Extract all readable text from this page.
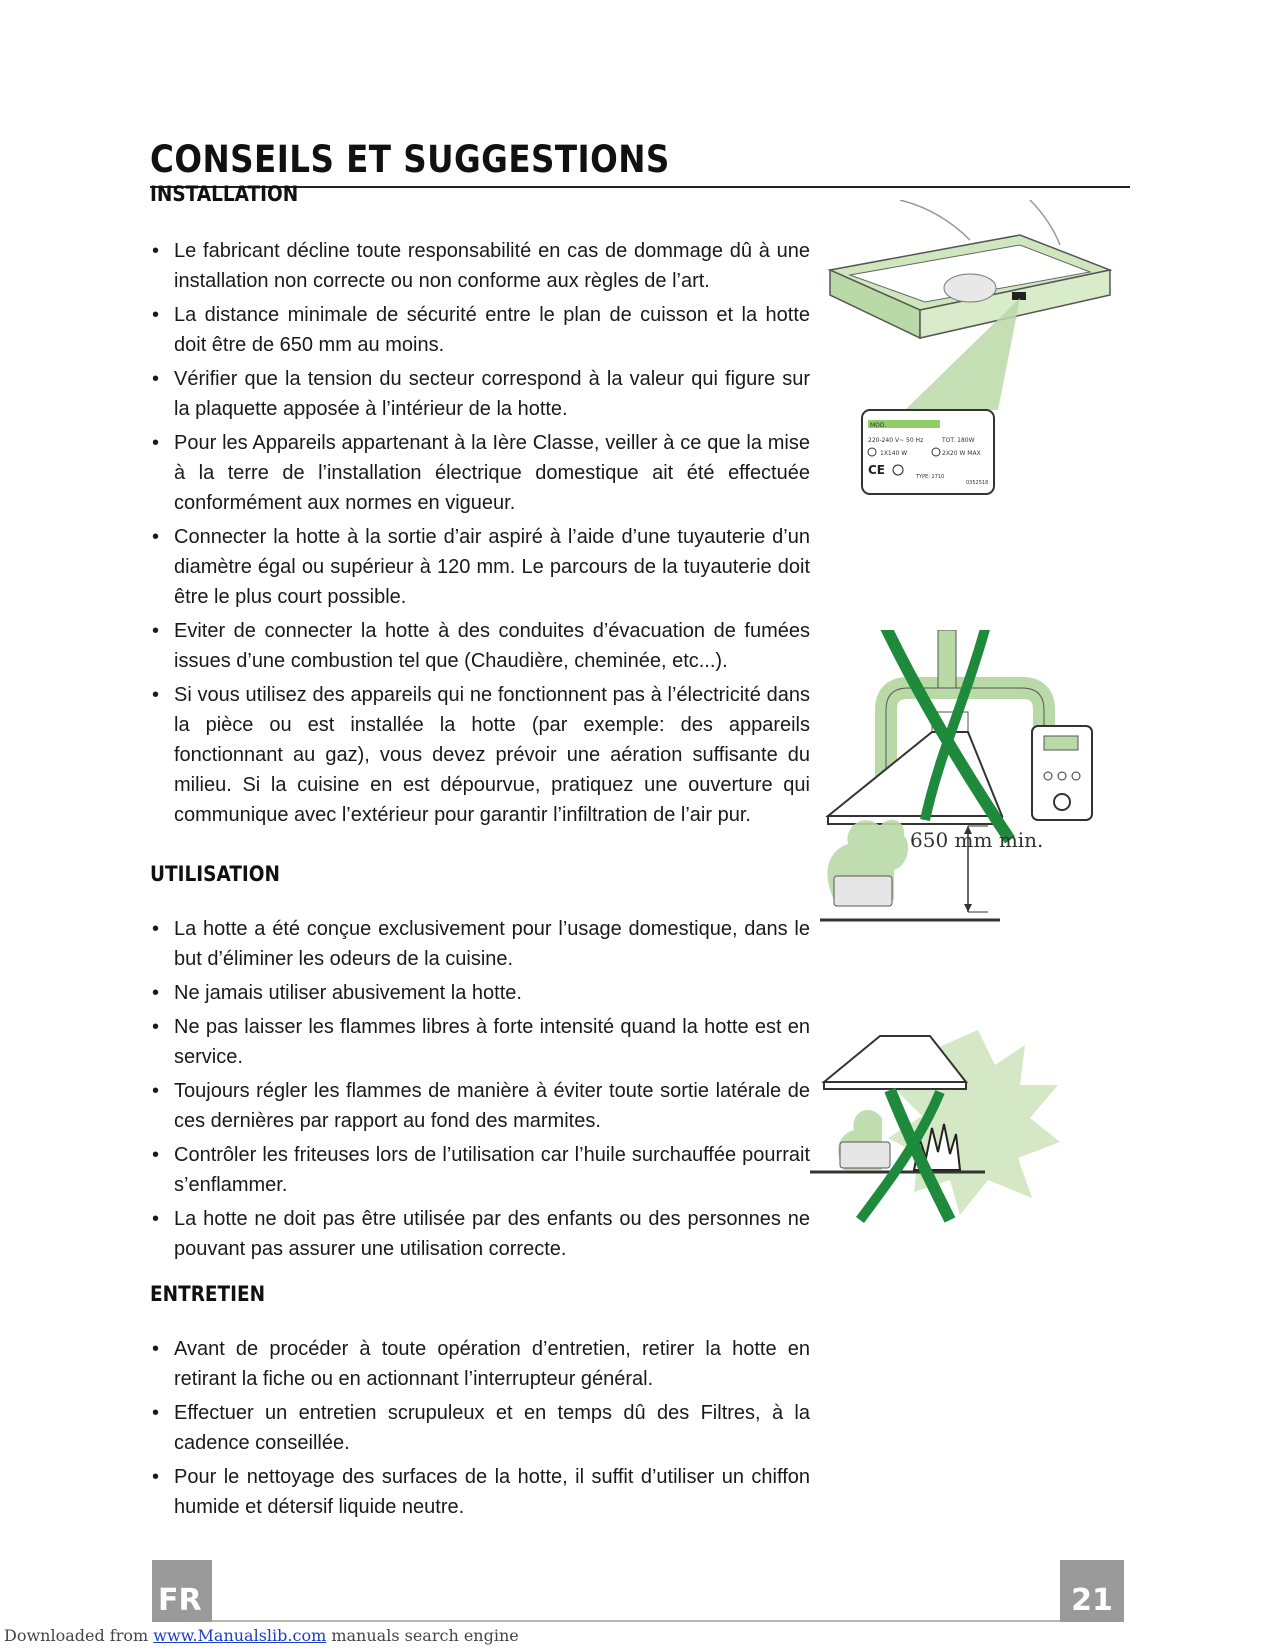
CONSEILS ET SUGGESTIONS
INSTALLATION
• Le fabricant décline toute responsabilité en cas de dommage dû à une installation non correcte ou non conforme aux règles de l’art.
• La distance minimale de sécurité entre le plan de cuisson et la hotte doit être de 650 mm au moins.
• Vérifier que la tension du secteur correspond à la valeur qui figure sur la plaquette apposée à l’intérieur de la hotte.
• Pour les Appareils appartenant à la Ière Classe, veiller à ce que la mise à la terre de l’installation électrique domestique ait été effectuée conformément aux normes en vigueur.
• Connecter la hotte à la sortie d’air aspiré à l’aide d’une tuyauterie d’un diamètre égal ou supérieur à 120 mm. Le parcours de la tuyauterie doit être le plus court possible.
• Eviter de connecter la hotte à des conduites d’évacuation de fumées issues d’une combustion tel que (Chaudière, cheminée, etc...).
• Si vous utilisez des appareils qui ne fonctionnent pas à l’électricité dans la pièce ou est installée la hotte (par exemple: des appareils fonctionnant au gaz), vous devez prévoir une aération suffisante du milieu. Si la cuisine en est dépourvue, pratiquez une ouverture qui communique avec l’extérieur pour garantir l’infiltration de l’air pur.
UTILISATION
• La hotte a été conçue exclusivement pour l’usage domestique, dans le but d’éliminer les odeurs de la cuisine.
• Ne jamais utiliser abusivement la hotte.
• Ne pas laisser les flammes libres à forte intensité quand la hotte est en service.
• Toujours régler les flammes de manière à éviter toute sortie latérale de ces dernières par rapport au fond des marmites.
• Contrôler les friteuses lors de l’utilisation car l’huile surchauffée pourrait s’enflammer.
• La hotte ne doit pas être utilisée par des enfants ou des personnes ne pouvant pas assurer une utilisation correcte.
ENTRETIEN
• Avant de procéder à toute opération d’entretien, retirer la hotte en retirant la fiche ou en actionnant l’interrupteur général.
• Effectuer un entretien scrupuleux et en temps dû des Filtres, à la cadence conseillée.
• Pour le nettoyage des surfaces de la hotte, il suffit d’utiliser un chiffon humide et détersif liquide neutre.
MOD.
220-240 V~ 50 Hz	TOT. 180W
1X140 W	2X20 W MAX
CE	TYPE: 2710
0352518
650 mm min.
FR	21
Downloaded from www.Manualslib.com manuals search engine
